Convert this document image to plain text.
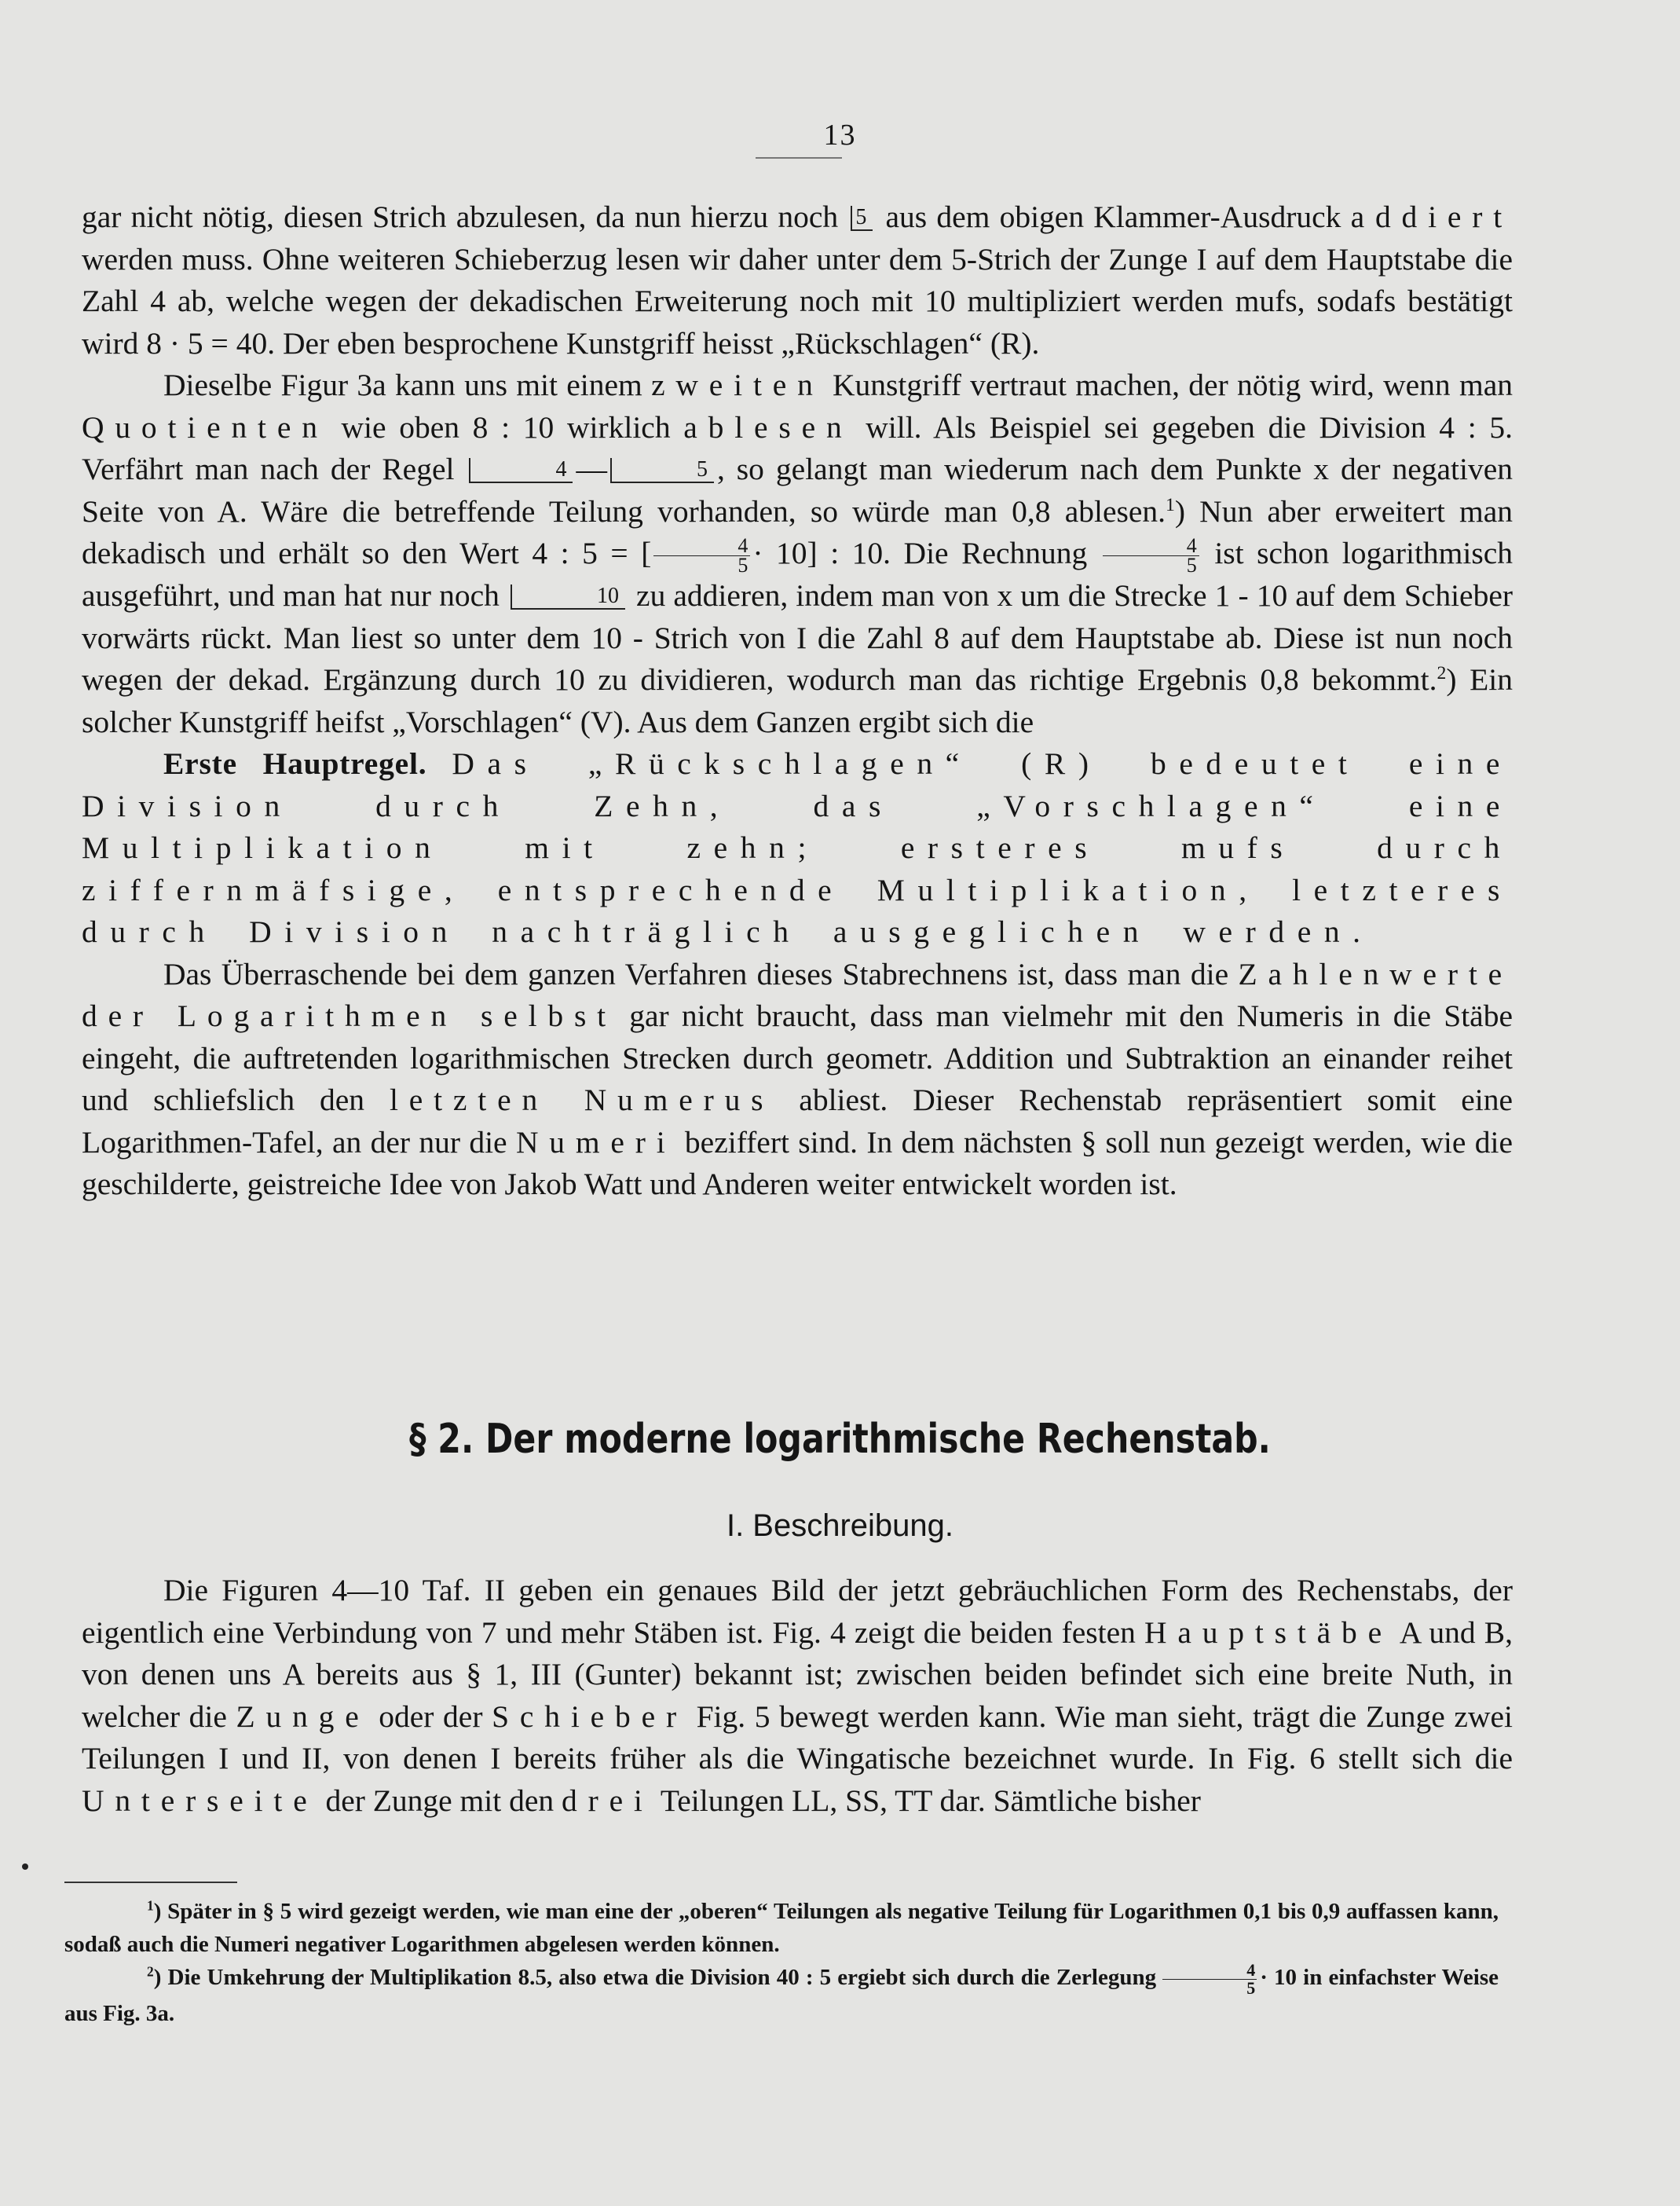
13

gar nicht nötig, diesen Strich abzulesen, da nun hierzu noch 5 aus dem obigen Klammer-Ausdruck addiert werden muss. Ohne weiteren Schieberzug lesen wir daher unter dem 5-Strich der Zunge I auf dem Hauptstabe die Zahl 4 ab, welche wegen der dekadischen Erweiterung noch mit 10 multipliziert werden mufs, sodafs bestätigt wird 8 · 5 = 40. Der eben besprochene Kunstgriff heisst „Rückschlagen“ (R).

Dieselbe Figur 3a kann uns mit einem zweiten Kunstgriff vertraut machen, der nötig wird, wenn man Quotienten wie oben 8 : 10 wirklich ablesen will. Als Beispiel sei gegeben die Division 4 : 5. Verfährt man nach der Regel	4 —	5 , so gelangt man wiederum nach dem Punkte x der negativen Seite von A. Wäre die betreffende Teilung vorhanden, so würde man 0,8 ablesen.$^1$) Nun aber erweitert man dekadisch und erhält so den Wert 4 : 5 = [ $\frac{4}{5} \cdot 10$] : 10. Die Rechnung $\frac{4}{5}$ ist schon logarithmisch ausgeführt, und man hat nur noch	10 zu addieren, indem man von x um die Strecke 1 - 10 auf dem Schieber vorwärts rückt. Man liest so unter dem 10 - Strich von I die Zahl 8 auf dem Hauptstabe ab. Diese ist nun noch wegen der dekad. Ergänzung durch 10 zu dividieren, wodurch man das richtige Ergebnis 0,8 bekommt.$^2$) Ein solcher Kunstgriff heifst „Vorschlagen“ (V). Aus dem Ganzen ergibt sich die

Erste Hauptregel. Das „Rückschlagen“ (R) bedeutet eine Division durch Zehn, das „Vorschlagen“ eine Multiplikation mit zehn; ersteres mufs durch ziffernmäfsige, entsprechende Multiplikation, letzteres durch Division nachträglich ausgeglichen werden.

Das Überraschende bei dem ganzen Verfahren dieses Stabrechnens ist, dass man die Zahlenwerte der Logarithmen selbst gar nicht braucht, dass man vielmehr mit den Numeris in die Stäbe eingeht, die auftretenden logarithmischen Strecken durch geometr. Addition und Subtraktion an einander reihet und schliefslich den letzten Numerus abliest. Dieser Rechenstab repräsentiert somit eine Logarithmen-Tafel, an der nur die Numeri beziffert sind. In dem nächsten § soll nun gezeigt werden, wie die geschilderte, geistreiche Idee von Jakob Watt und Anderen weiter entwickelt worden ist.

§ 2. Der moderne logarithmische Rechenstab.
I. Beschreibung.

Die Figuren 4—10 Taf. II geben ein genaues Bild der jetzt gebräuchlichen Form des Rechenstabs, der eigentlich eine Verbindung von 7 und mehr Stäben ist. Fig. 4 zeigt die beiden festen Hauptstäbe A und B, von denen uns A bereits aus § 1, III (Gunter) bekannt ist; zwischen beiden befindet sich eine breite Nuth, in welcher die Zunge oder der Schieber Fig. 5 bewegt werden kann. Wie man sieht, trägt die Zunge zwei Teilungen I und II, von denen I bereits früher als die Wingatische bezeichnet wurde. In Fig. 6 stellt sich die Unterseite der Zunge mit den drei Teilungen LL, SS, TT dar. Sämtliche bisher

$^1$) Später in § 5 wird gezeigt werden, wie man eine der „oberen“ Teilungen als negative Teilung für Logarithmen 0,1 bis 0,9 auffassen kann, sodaß auch die Numeri negativer Logarithmen abgelesen werden können.

$^2$) Die Umkehrung der Multiplikation 8.5, also etwa die Division 40 : 5 ergiebt sich durch die Zerlegung $\frac{4}{5} \cdot 10$ in einfachster Weise aus Fig. 3a.
